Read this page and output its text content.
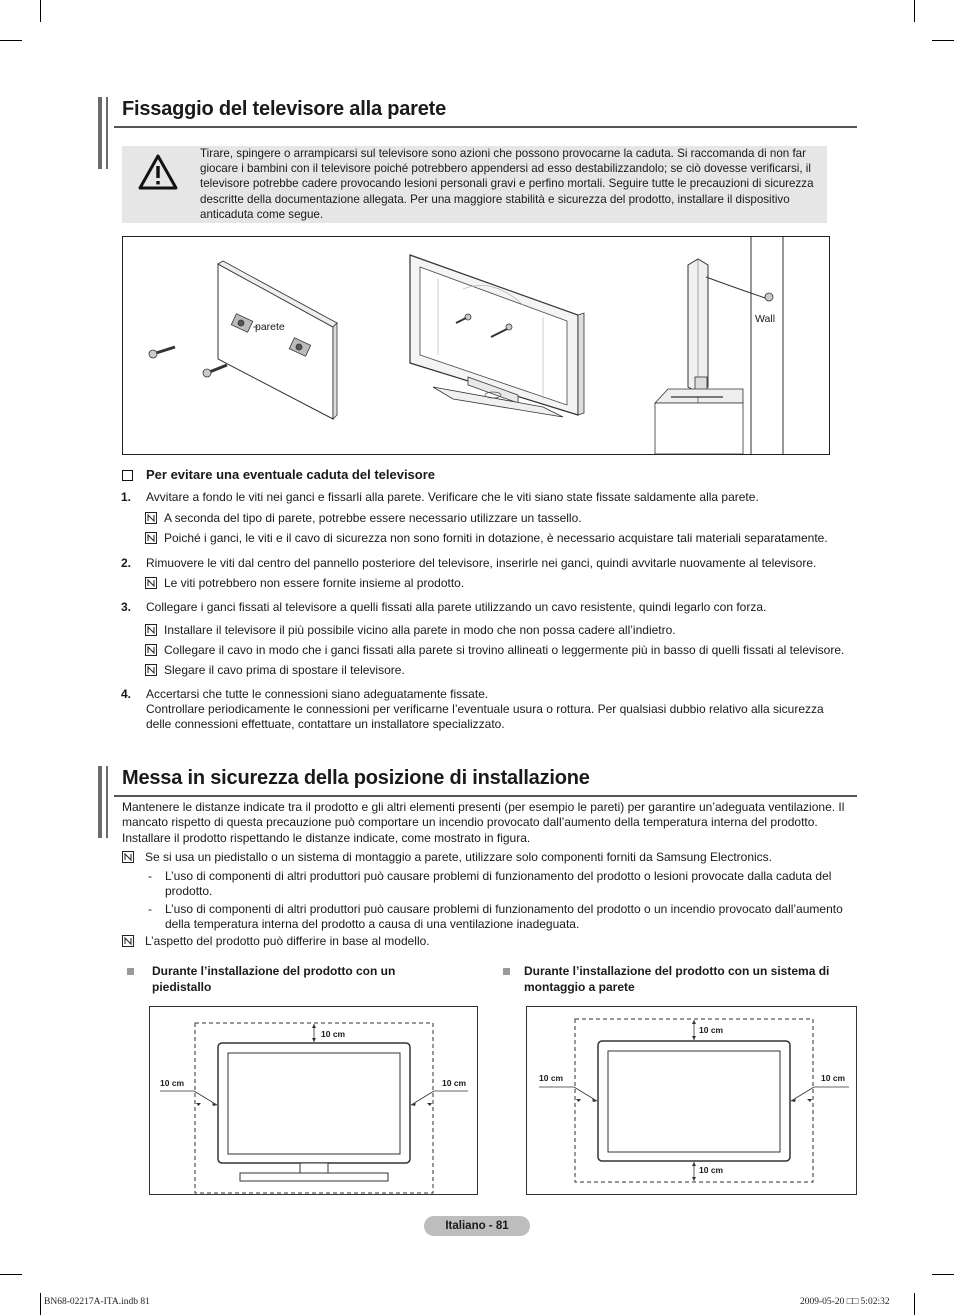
Fissaggio del televisore alla parete
Tirare, spingere o arrampicarsi sul televisore sono azioni che possono provocarne la caduta. Si raccomanda di non far giocare i bambini con il televisore poiché potrebbero appendersi ad esso destabilizzandolo; se ciò dovesse verificarsi, il televisore potrebbe cadere provocando lesioni personali gravi e perfino mortali. Seguire tutte le precauzioni di sicurezza descritte della documentazione allegata. Per una maggiore stabilità e sicurezza del prodotto, installare il dispositivo anticaduta come segue.
parete
Wall
Per evitare una eventuale caduta del televisore
1. Avvitare a fondo le viti nei ganci e fissarli alla parete. Verificare che le viti siano state fissate saldamente alla parete.
A seconda del tipo di parete, potrebbe essere necessario utilizzare un tassello.
Poiché i ganci, le viti e il cavo di sicurezza non sono forniti in dotazione, è necessario acquistare tali materiali separatamente.
2. Rimuovere le viti dal centro del pannello posteriore del televisore, inserirle nei ganci, quindi avvitarle nuovamente al televisore.
Le viti potrebbero non essere fornite insieme al prodotto.
3. Collegare i ganci fissati al televisore a quelli fissati alla parete utilizzando un cavo resistente, quindi legarlo con forza.
Installare il televisore il più possibile vicino alla parete in modo che non possa cadere all’indietro.
Collegare il cavo in modo che i ganci fissati alla parete si trovino allineati o leggermente più in basso di quelli fissati al televisore.
Slegare il cavo prima di spostare il televisore.
4. Accertarsi che tutte le connessioni siano adeguatamente fissate.
Controllare periodicamente le connessioni per verificarne l’eventuale usura o rottura. Per qualsiasi dubbio relativo alla sicurezza delle connessioni effettuate, contattare un installatore specializzato.
Messa in sicurezza della posizione di installazione
Mantenere le distanze indicate tra il prodotto e gli altri elementi presenti (per esempio le pareti) per garantire un’adeguata ventilazione. Il mancato rispetto di questa precauzione può comportare un incendio provocato dall’aumento della temperatura interna del prodotto. Installare il prodotto rispettando le distanze indicate, come mostrato in figura.
Se si usa un piedistallo o un sistema di montaggio a parete, utilizzare solo componenti forniti da Samsung Electronics.
- L’uso di componenti di altri produttori può causare problemi di funzionamento del prodotto o lesioni provocate dalla caduta del prodotto.
- L’uso di componenti di altri produttori può causare problemi di funzionamento del prodotto o un incendio provocato dall’aumento della temperatura interna del prodotto a causa di una ventilazione inadeguata.
L’aspetto del prodotto può differire in base al modello.
Durante l’installazione del prodotto con un piedistallo
Durante l’installazione del prodotto con un sistema di montaggio a parete
10 cm
10 cm	10 cm
10 cm
10 cm
10 cm	10 cm
Italiano - 81
BN68-02217A-ITA.indb 81	2009-05-20 □□ 5:02:32
